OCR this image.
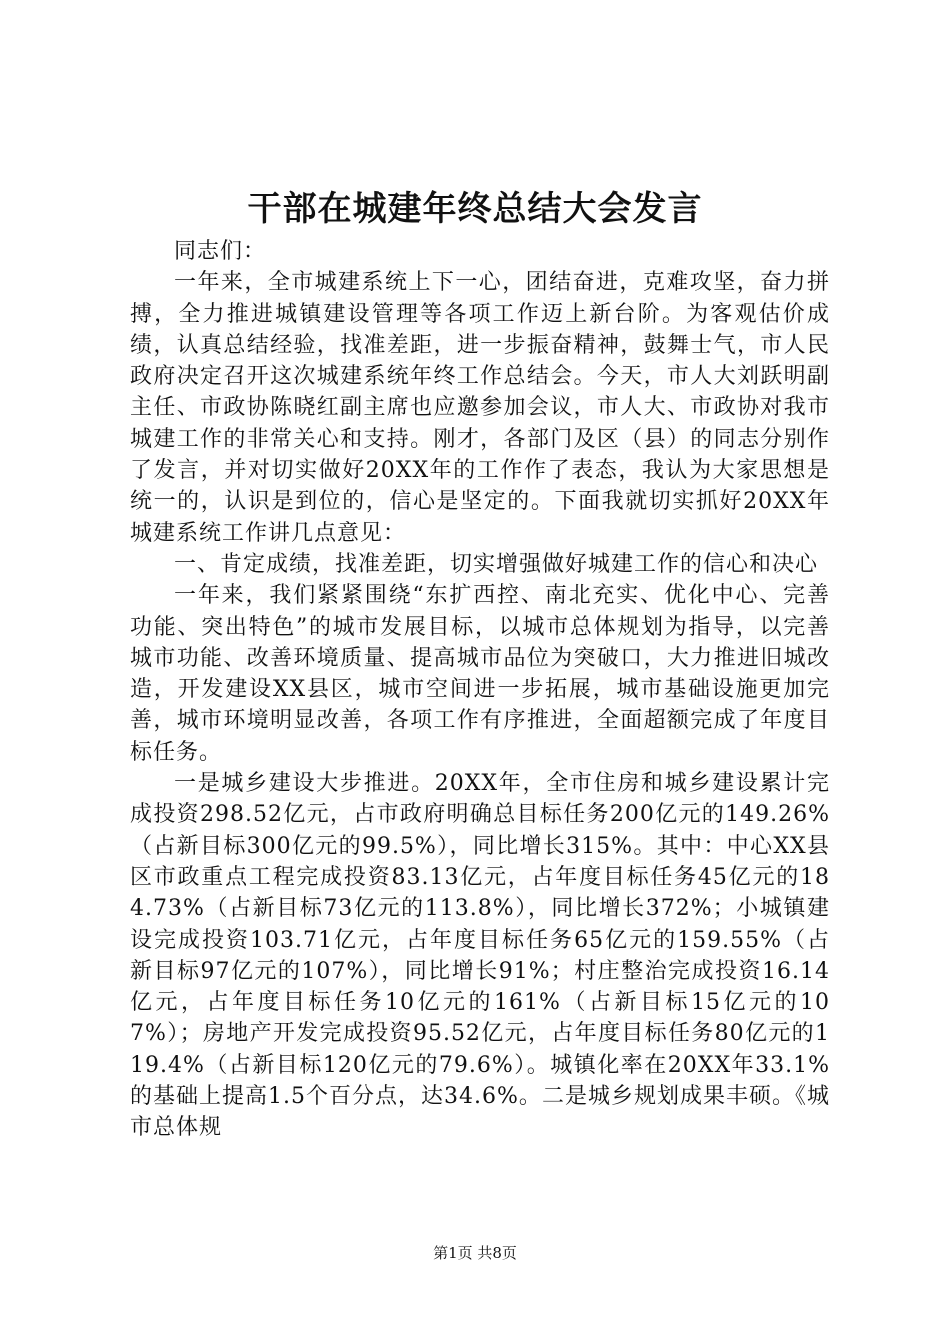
干部在城建年终总结大会发言

同志们：

一年来，全市城建系统上下一心，团结奋进，克难攻坚，奋力拼搏，全力推进城镇建设管理等各项工作迈上新台阶。为客观估价成绩，认真总结经验，找准差距，进一步振奋精神，鼓舞士气，市人民政府决定召开这次城建系统年终工作总结会。今天，市人大刘跃明副主任、市政协陈晓红副主席也应邀参加会议，市人大、市政协对我市城建工作的非常关心和支持。刚才，各部门及区（县）的同志分别作了发言，并对切实做好20XX年的工作作了表态，我认为大家思想是统一的，认识是到位的，信心是坚定的。下面我就切实抓好20XX年城建系统工作讲几点意见：

一、肯定成绩，找准差距，切实增强做好城建工作的信心和决心

一年来，我们紧紧围绕“东扩西控、南北充实、优化中心、完善功能、突出特色”的城市发展目标，以城市总体规划为指导，以完善城市功能、改善环境质量、提高城市品位为突破口，大力推进旧城改造，开发建设XX县区，城市空间进一步拓展，城市基础设施更加完善，城市环境明显改善，各项工作有序推进，全面超额完成了年度目标任务。

一是城乡建设大步推进。20XX年，全市住房和城乡建设累计完成投资298.52亿元，占市政府明确总目标任务200亿元的149.26%（占新目标300亿元的99.5%），同比增长315%。其中：中心XX县区市政重点工程完成投资83.13亿元，占年度目标任务45亿元的184.73%（占新目标73亿元的113.8%），同比增长372%；小城镇建设完成投资103.71亿元，占年度目标任务65亿元的159.55%（占新目标97亿元的107%），同比增长91%；村庄整治完成投资16.14亿元，占年度目标任务10亿元的161%（占新目标15亿元的107%）；房地产开发完成投资95.52亿元，占年度目标任务80亿元的119.4%（占新目标120亿元的79.6%）。城镇化率在20XX年33.1%的基础上提高1.5个百分点，达34.6%。二是城乡规划成果丰硕。《城市总体规

第1页 共8页
